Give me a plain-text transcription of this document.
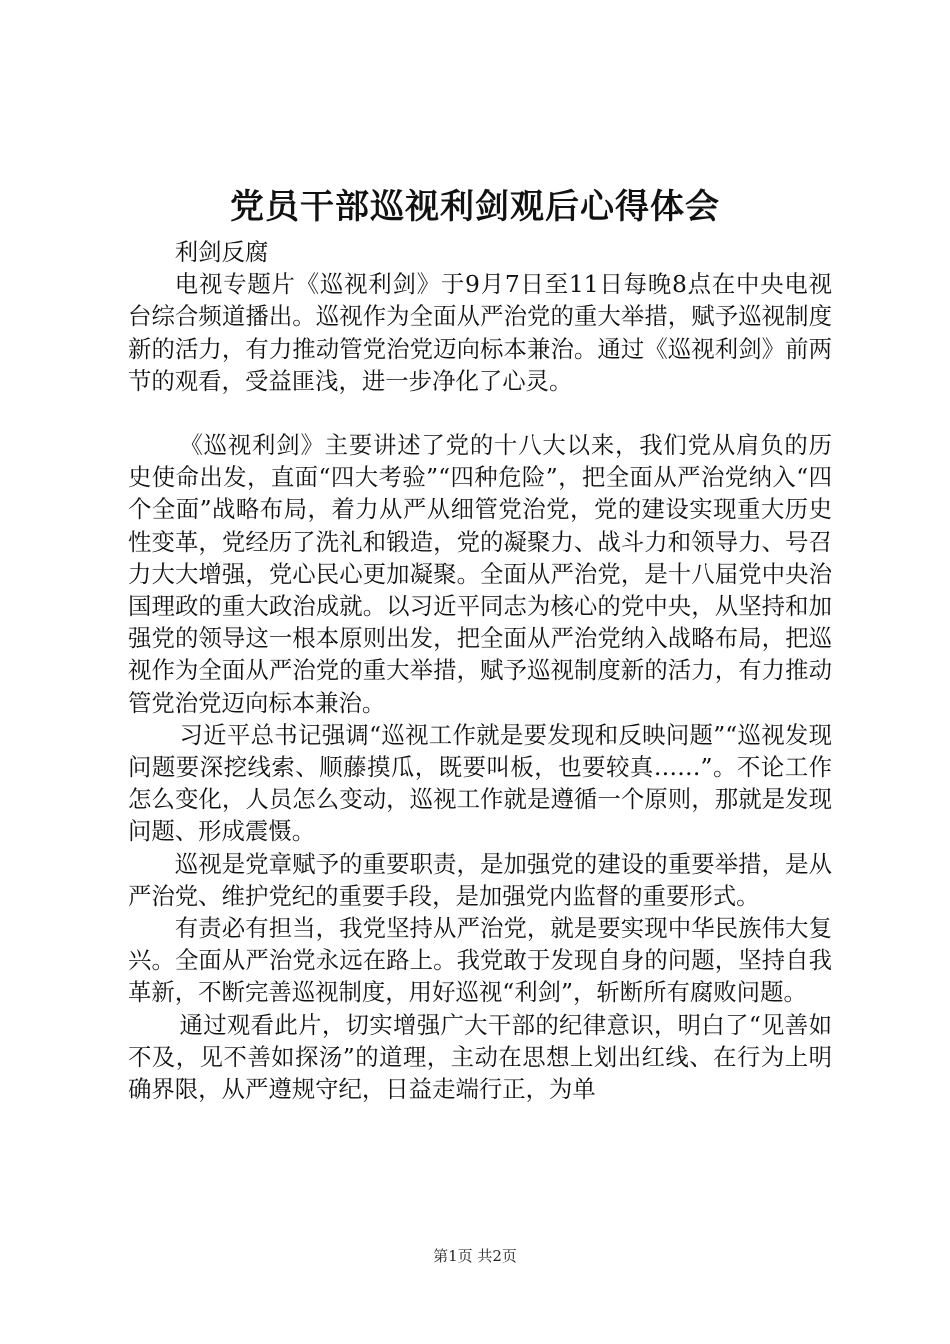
党员干部巡视利剑观后心得体会

利剑反腐

电视专题片《巡视利剑》于9月7日至11日每晚8点在中央电视台综合频道播出。巡视作为全面从严治党的重大举措，赋予巡视制度新的活力，有力推动管党治党迈向标本兼治。通过《巡视利剑》前两节的观看，受益匪浅，进一步净化了心灵。

《巡视利剑》主要讲述了党的十八大以来，我们党从肩负的历史使命出发，直面“四大考验”“四种危险”，把全面从严治党纳入“四个全面”战略布局，着力从严从细管党治党，党的建设实现重大历史性变革，党经历了洗礼和锻造，党的凝聚力、战斗力和领导力、号召力大大增强，党心民心更加凝聚。全面从严治党，是十八届党中央治国理政的重大政治成就。以习近平同志为核心的党中央，从坚持和加强党的领导这一根本原则出发，把全面从严治党纳入战略布局，把巡视作为全面从严治党的重大举措，赋予巡视制度新的活力，有力推动管党治党迈向标本兼治。

习近平总书记强调“巡视工作就是要发现和反映问题”“巡视发现问题要深挖线索、顺藤摸瓜，既要叫板，也要较真……”。不论工作怎么变化，人员怎么变动，巡视工作就是遵循一个原则，那就是发现问题、形成震慑。

巡视是党章赋予的重要职责，是加强党的建设的重要举措，是从严治党、维护党纪的重要手段，是加强党内监督的重要形式。

有责必有担当，我党坚持从严治党，就是要实现中华民族伟大复兴。全面从严治党永远在路上。我党敢于发现自身的问题，坚持自我革新，不断完善巡视制度，用好巡视“利剑”，斩断所有腐败问题。

通过观看此片，切实增强广大干部的纪律意识，明白了“见善如不及，见不善如探汤”的道理，主动在思想上划出红线、在行为上明确界限，从严遵规守纪，日益走端行正，为单

第1页 共2页
